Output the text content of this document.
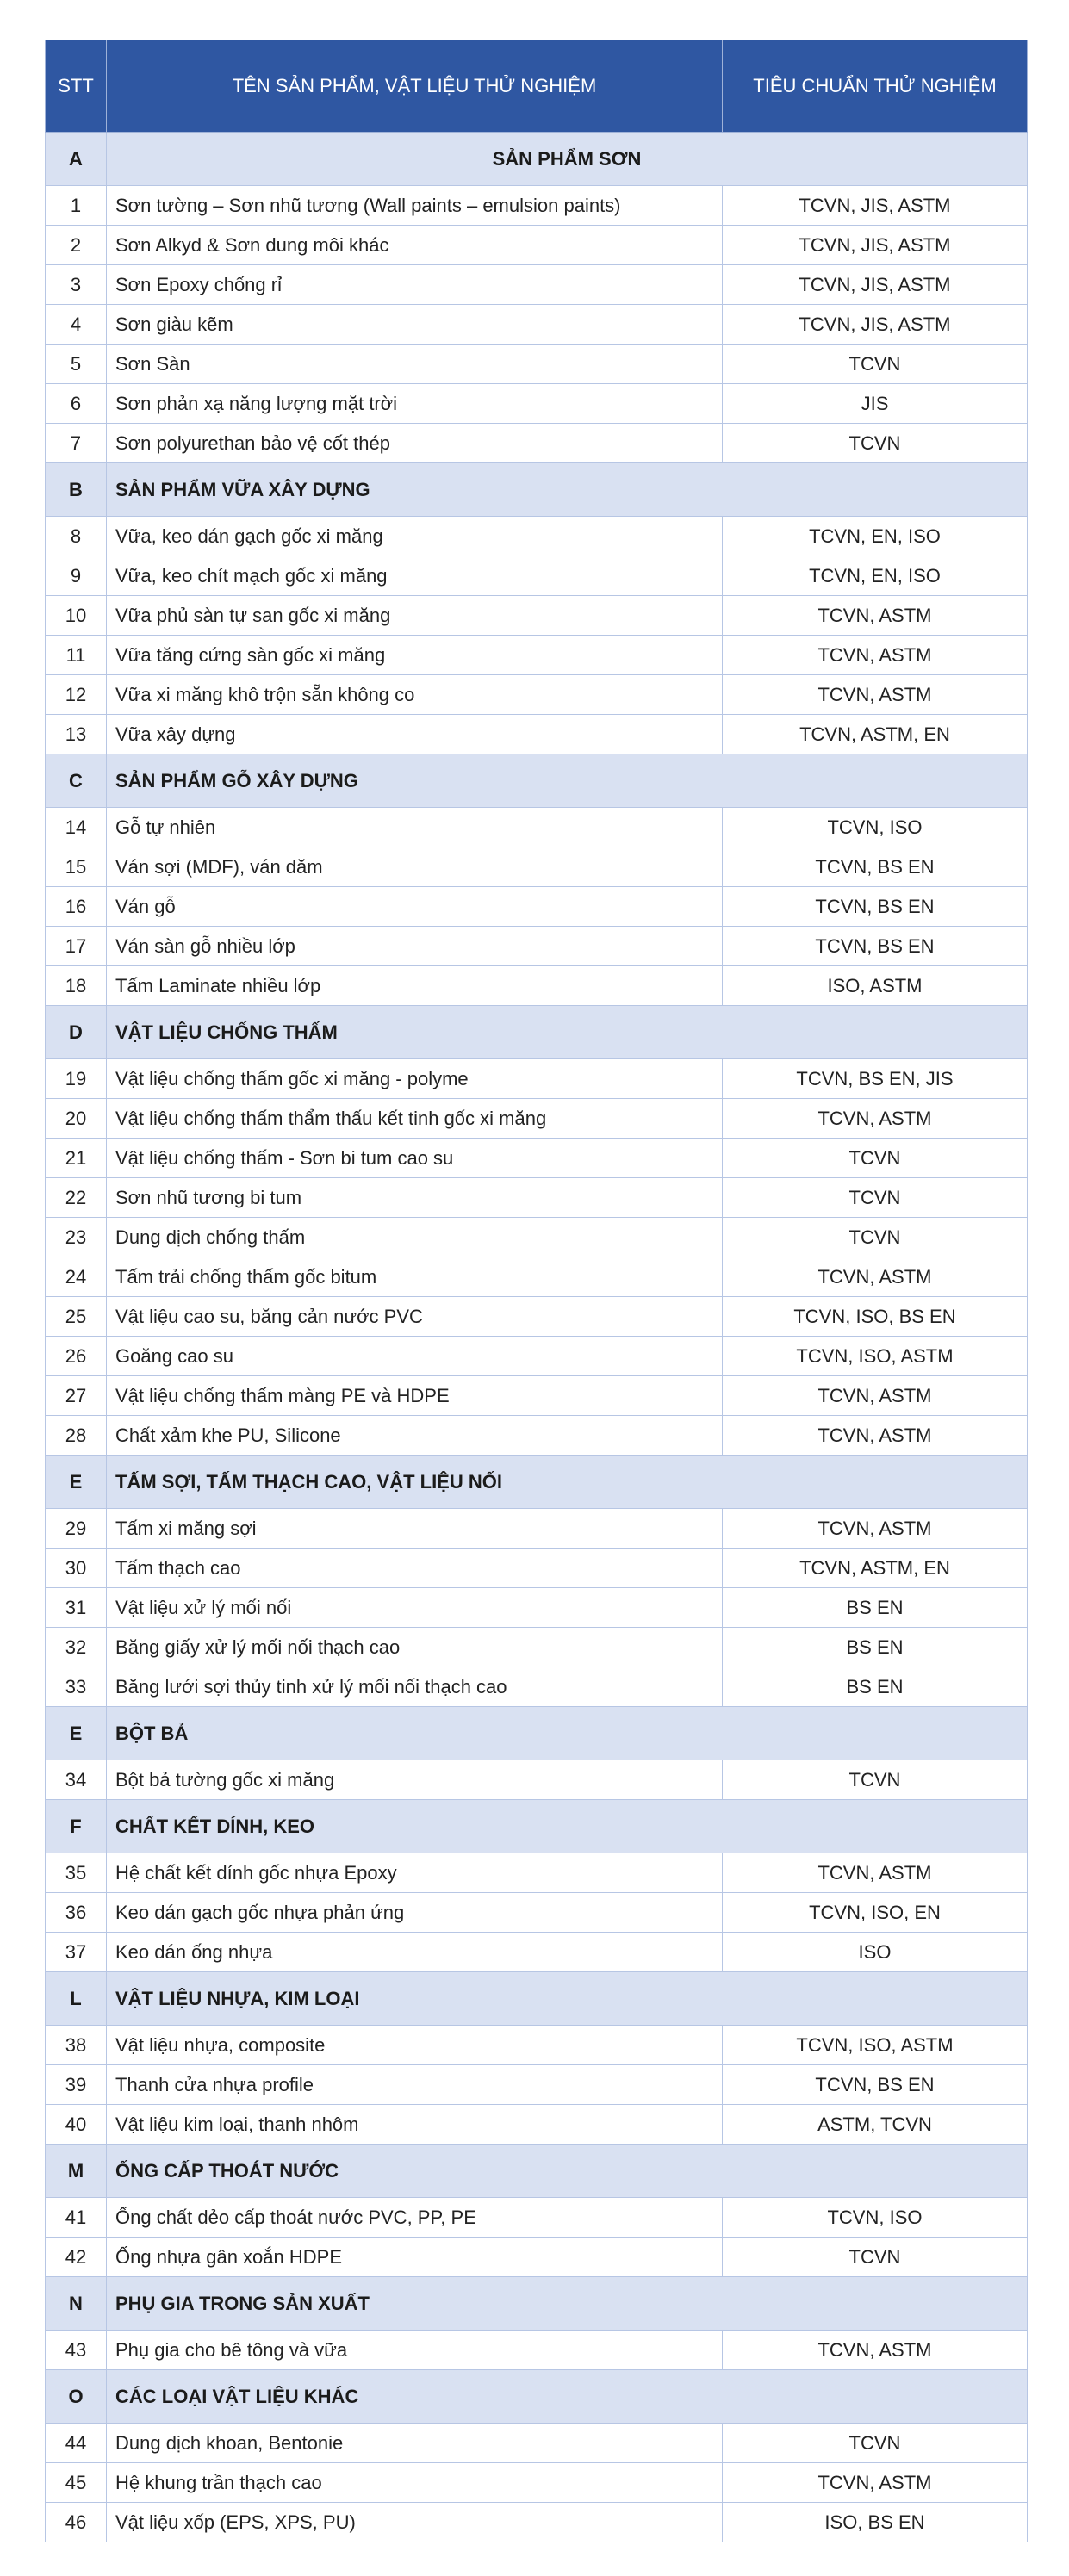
STT	TÊN SẢN PHẨM, VẬT LIỆU THỬ NGHIỆM	TIÊU CHUẨN THỬ NGHIỆM
A	SẢN PHẨM SƠN	
1	Sơn tường – Sơn nhũ tương (Wall paints – emulsion paints)	TCVN, JIS, ASTM
2	Sơn Alkyd & Sơn dung môi khác	TCVN, JIS, ASTM
3	Sơn Epoxy chống rỉ	TCVN, JIS, ASTM
4	Sơn giàu kẽm	TCVN, JIS, ASTM
5	Sơn Sàn	TCVN
6	Sơn phản xạ năng lượng mặt trời	JIS
7	Sơn polyurethan bảo vệ cốt thép	TCVN
B	SẢN PHẨM VỮA XÂY DỰNG	
8	Vữa, keo dán gạch gốc xi măng	TCVN, EN, ISO
9	Vữa, keo chít mạch gốc xi măng	TCVN, EN, ISO
10	Vữa phủ sàn tự san gốc xi măng	TCVN, ASTM
11	Vữa tăng cứng sàn gốc xi măng	TCVN, ASTM
12	Vữa xi măng khô trộn sẵn không co	TCVN, ASTM
13	Vữa xây dựng	TCVN, ASTM, EN
C	SẢN PHẨM GỖ XÂY DỰNG	
14	Gỗ tự nhiên	TCVN, ISO
15	Ván sợi (MDF), ván dăm	TCVN, BS EN
16	Ván gỗ	TCVN, BS EN
17	Ván sàn gỗ nhiều lớp	TCVN, BS EN
18	Tấm Laminate nhiều lớp	ISO, ASTM
D	VẬT LIỆU CHỐNG THẤM	
19	Vật liệu chống thấm gốc xi măng - polyme	TCVN, BS EN, JIS
20	Vật liệu chống thấm thẩm thấu kết tinh gốc xi măng	TCVN, ASTM
21	Vật liệu chống thấm - Sơn bi tum cao su	TCVN
22	Sơn nhũ tương bi tum	TCVN
23	Dung dịch chống thấm	TCVN
24	Tấm trải chống thấm gốc bitum	TCVN, ASTM
25	Vật liệu cao su, băng cản nước PVC	TCVN, ISO, BS EN
26	Goăng cao su	TCVN, ISO, ASTM
27	Vật liệu chống thấm màng PE và HDPE	TCVN, ASTM
28	Chất xảm khe PU, Silicone	TCVN, ASTM
E	TẤM SỢI, TẤM THẠCH CAO, VẬT LIỆU NỐI	
29	Tấm xi măng sợi	TCVN, ASTM
30	Tấm thạch cao	TCVN, ASTM, EN
31	Vật liệu xử lý mối nối	BS EN
32	Băng giấy xử lý mối nối thạch cao	BS EN
33	Băng lưới sợi thủy tinh xử lý mối nối thạch cao	BS EN
E	BỘT BẢ	
34	Bột bả tường gốc xi măng	TCVN
F	CHẤT KẾT DÍNH, KEO	
35	Hệ chất kết dính gốc nhựa Epoxy	TCVN, ASTM
36	Keo dán gạch gốc nhựa phản ứng	TCVN, ISO, EN
37	Keo dán ống nhựa	ISO
L	VẬT LIỆU NHỰA, KIM LOẠI	
38	Vật liệu nhựa, composite	TCVN, ISO, ASTM
39	Thanh cửa nhựa profile	TCVN, BS EN
40	Vật liệu kim loại, thanh nhôm	ASTM, TCVN
M	ỐNG CẤP THOÁT NƯỚC	
41	Ống chất dẻo cấp thoát nước PVC, PP, PE	TCVN, ISO
42	Ống nhựa gân xoắn HDPE	TCVN
N	PHỤ GIA TRONG SẢN XUẤT	
43	Phụ gia cho bê tông và vữa	TCVN, ASTM
O	CÁC LOẠI VẬT LIỆU KHÁC	
44	Dung dịch khoan, Bentonie	TCVN
45	Hệ khung trần thạch cao	TCVN, ASTM
46	Vật liệu xốp (EPS, XPS, PU)	ISO, BS EN
